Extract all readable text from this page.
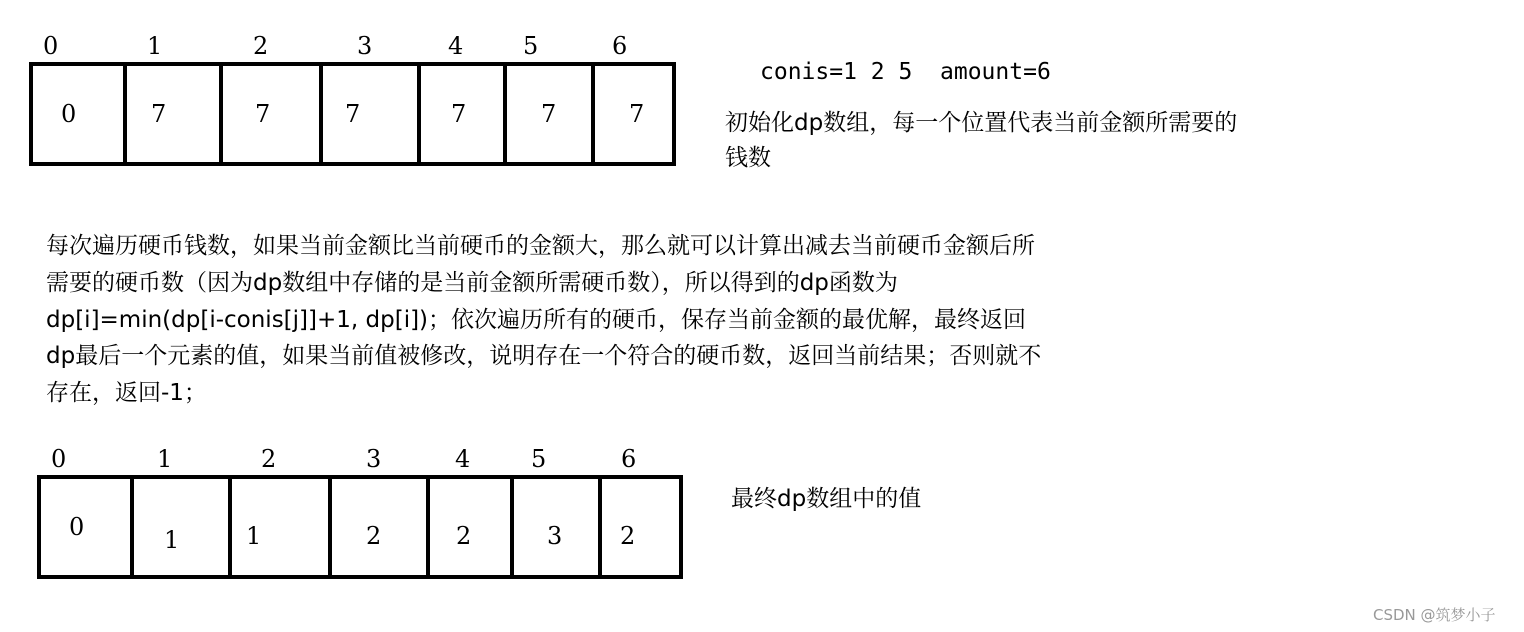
0	1	2	3	4 5	6
0	7	7	7	7	7	7
conis=1 2 5  amount=6
初始化dp数组，每一个位置代表当前金额所需要的
钱数
每次遍历硬币钱数，如果当前金额比当前硬币的金额大，那么就可以计算出减去当前硬币金额后所
需要的硬币数（因为dp数组中存储的是当前金额所需硬币数），所以得到的dp函数为
dp[i]=min(dp[i-conis[j]]+1, dp[i])；依次遍历所有的硬币，保存当前金额的最优解，最终返回
dp最后一个元素的值，如果当前值被修改，说明存在一个符合的硬币数，返回当前结果；否则就不
存在，返回-1；
0	1	2	3	4	5	6
0	1	1	2	2	3 2
最终dp数组中的值
CSDN @筑梦小子
